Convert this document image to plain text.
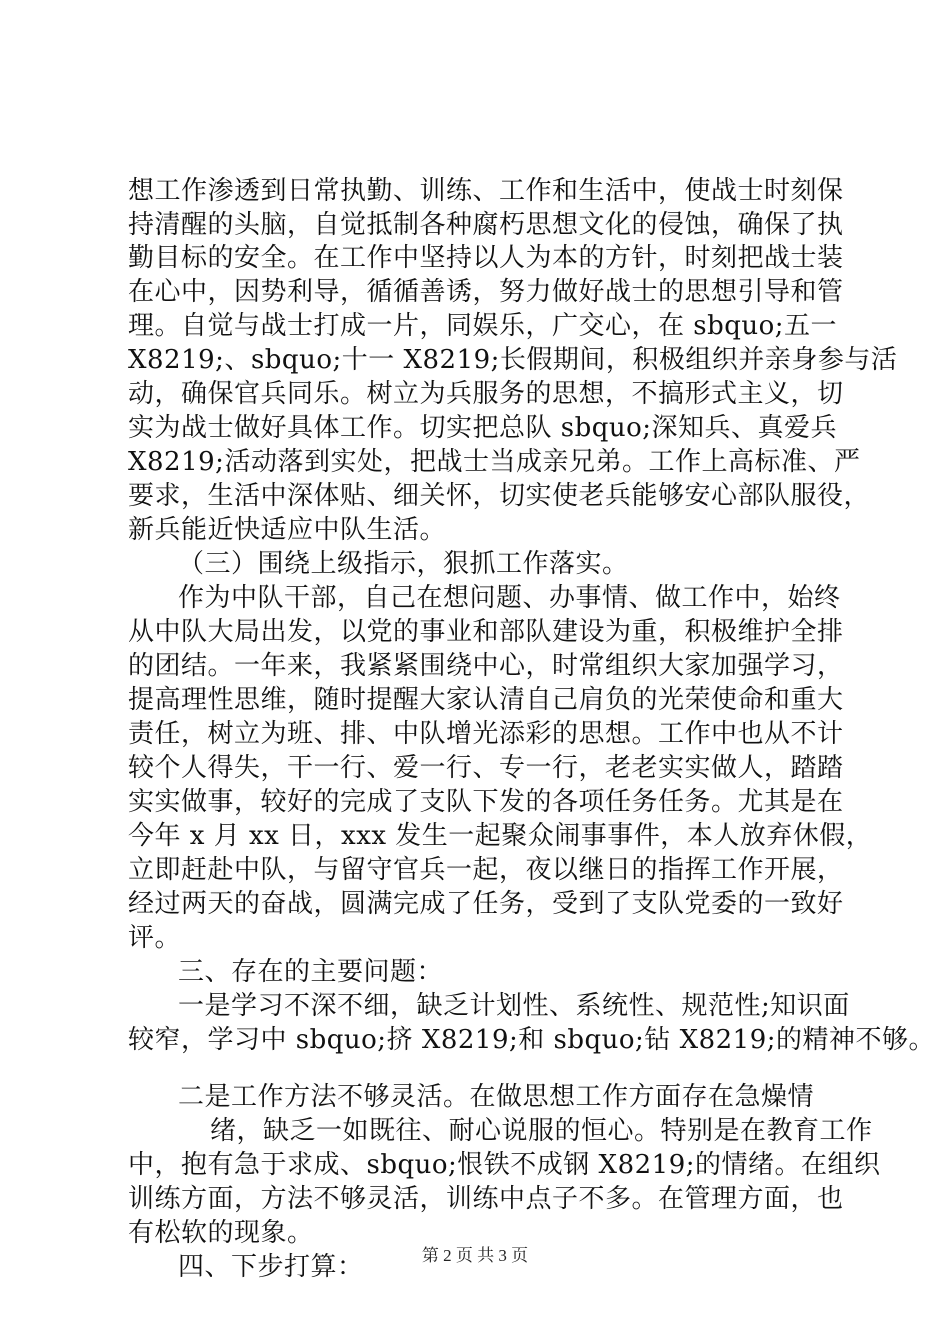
想工作渗透到日常执勤、训练、工作和生活中，使战士时刻保
持清醒的头脑，自觉抵制各种腐朽思想文化的侵蚀，确保了执
勤目标的安全。在工作中坚持以人为本的方针，时刻把战士装
在心中，因势利导，循循善诱，努力做好战士的思想引导和管
理。自觉与战士打成一片，同娱乐，广交心，在 sbquo;五一
X8219;、sbquo;十一 X8219;长假期间，积极组织并亲身参与活
动，确保官兵同乐。树立为兵服务的思想，不搞形式主义，切
实为战士做好具体工作。切实把总队 sbquo;深知兵、真爱兵
X8219;活动落到实处，把战士当成亲兄弟。工作上高标准、严
要求，生活中深体贴、细关怀，切实使老兵能够安心部队服役，
新兵能近快适应中队生活。
（三）围绕上级指示，狠抓工作落实。
作为中队干部，自己在想问题、办事情、做工作中，始终
从中队大局出发，以党的事业和部队建设为重，积极维护全排
的团结。一年来，我紧紧围绕中心，时常组织大家加强学习，
提高理性思维，随时提醒大家认清自己肩负的光荣使命和重大
责任，树立为班、排、中队增光添彩的思想。工作中也从不计
较个人得失，干一行、爱一行、专一行，老老实实做人，踏踏
实实做事，较好的完成了支队下发的各项任务任务。尤其是在
今年 x 月 xx 日，xxx 发生一起聚众闹事事件，本人放弃休假，
立即赶赴中队，与留守官兵一起，夜以继日的指挥工作开展，
经过两天的奋战，圆满完成了任务，受到了支队党委的一致好
评。
三、存在的主要问题：
一是学习不深不细，缺乏计划性、系统性、规范性;知识面
较窄，学习中 sbquo;挤 X8219;和 sbquo;钻 X8219;的精神不够。
二是工作方法不够灵活。在做思想工作方面存在急燥情
绪，缺乏一如既往、耐心说服的恒心。特别是在教育工作
中，抱有急于求成、sbquo;恨铁不成钢 X8219;的情绪。在组织
训练方面，方法不够灵活，训练中点子不多。在管理方面，也
有松软的现象。
四、下步打算：	第 2 页 共 3 页
